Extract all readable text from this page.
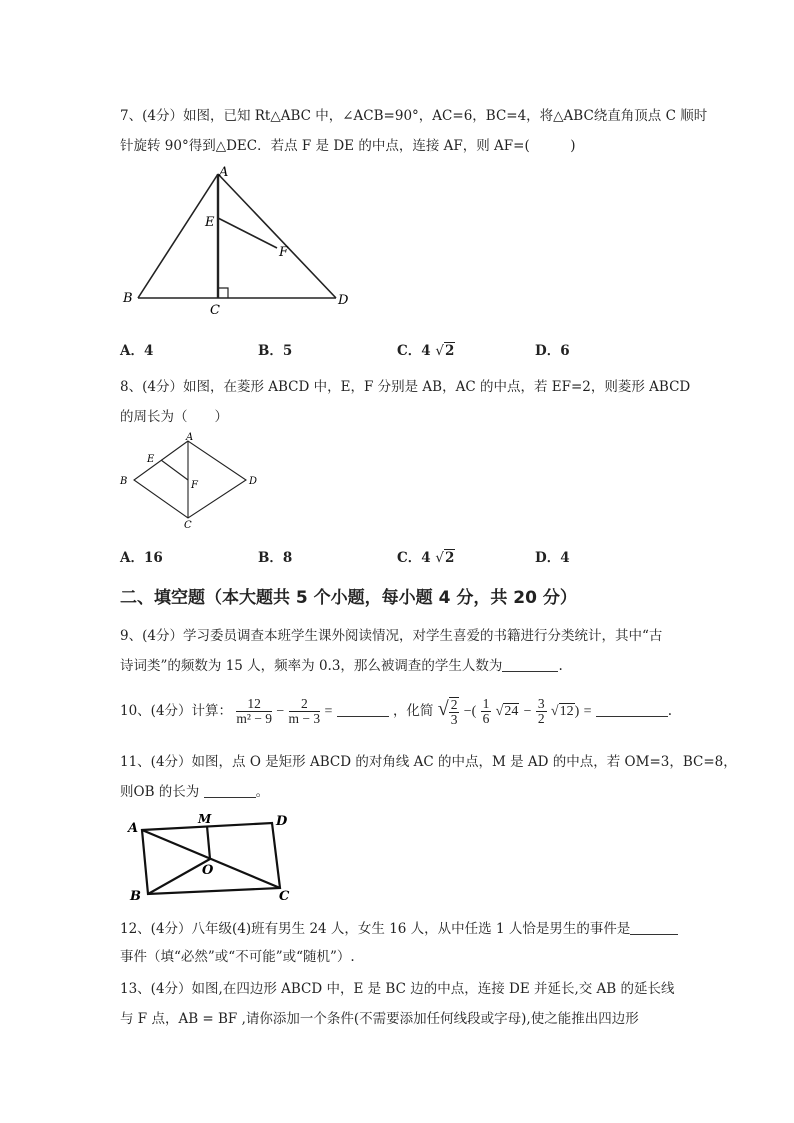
7、(4分）如图，已知 Rt△ABC 中，∠ACB=90°，AC=6，BC=4，将△ABC绕直角顶点 C 顺时
针旋转 90°得到△DEC．若点 F 是 DE 的中点，连接 AF，则 AF=(　　　)
A
E
F
B
C
D
A．4	B．5	C．4 √2	D．6
8、(4分）如图，在菱形 ABCD 中，E，F 分别是 AB，AC 的中点，若 EF=2，则菱形 ABCD
的周长为（　　）
A
E
F
B
C
D
A．16	B．8	C．4 √2	D．4
二、填空题（本大题共 5 个小题，每小题 4 分，共 20 分）
9、(4分）学习委员调查本班学生课外阅读情况，对学生喜爱的书籍进行分类统计，其中“古
诗词类”的频数为 15 人，频率为 0.3，那么被调查的学生人数为	.
10、(4分）计算： $\frac{12}{\text{m² − 9}} - \frac{2}{m - 3}$ =	，化简 √ $\frac{2}{3}$ −( $\frac{1}{6} √24 - \frac{3}{2} √12$) =	.
11、(4分）如图，点 O 是矩形 ABCD 的对角线 AC 的中点，M 是 AD 的中点，若 OM=3，BC=8，
则OB 的长为	。
A
M	D
O
B	C
12、(4分）八年级(4)班有男生 24 人，女生 16 人，从中任选 1 人恰是男生的事件是
事件（填“必然”或“不可能”或“随机”）.
13、(4分）如图,在四边形 ABCD 中，E 是 BC 边的中点，连接 DE 并延长,交 AB 的延长线
与 F 点，AB = BF ,请你添加一个条件(不需要添加任何线段或字母),使之能推出四边形
